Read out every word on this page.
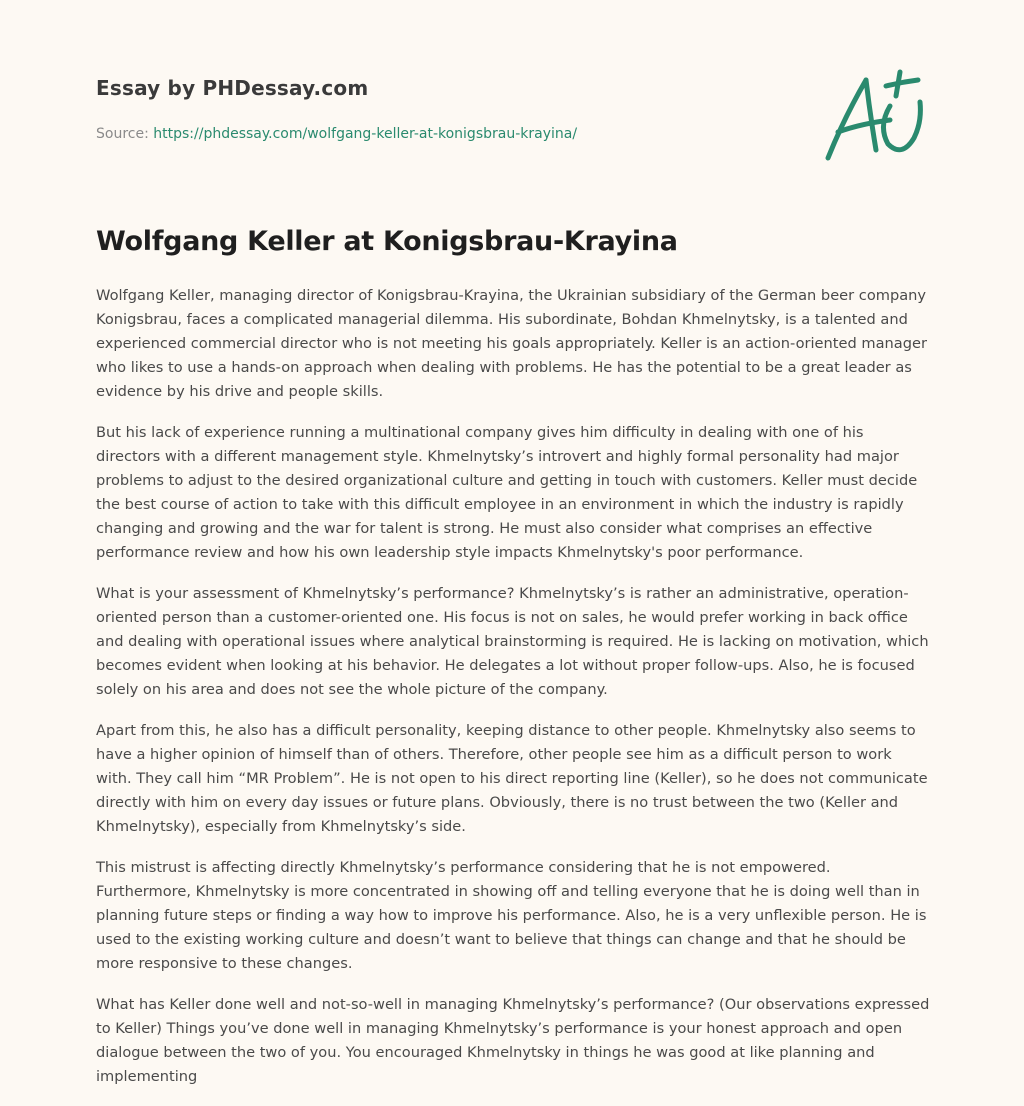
Essay by PHDessay.com
Source: https://phdessay.com/wolfgang-keller-at-konigsbrau-krayina/
Wolfgang Keller at Konigsbrau-Krayina

Wolfgang Keller, managing director of Konigsbrau-Krayina, the Ukrainian subsidiary of the German beer company Konigsbrau, faces a complicated managerial dilemma. His subordinate, Bohdan Khmelnytsky, is a talented and experienced commercial director who is not meeting his goals appropriately. Keller is an action-oriented manager who likes to use a hands-on approach when dealing with problems. He has the potential to be a great leader as evidence by his drive and people skills.

But his lack of experience running a multinational company gives him difficulty in dealing with one of his directors with a different management style. Khmelnytsky’s introvert and highly formal personality had major problems to adjust to the desired organizational culture and getting in touch with customers. Keller must decide the best course of action to take with this difficult employee in an environment in which the industry is rapidly changing and growing and the war for talent is strong. He must also consider what comprises an effective performance review and how his own leadership style impacts Khmelnytsky's poor performance.

What is your assessment of Khmelnytsky’s performance? Khmelnytsky’s is rather an administrative, operation-oriented person than a customer-oriented one. His focus is not on sales, he would prefer working in back office and dealing with operational issues where analytical brainstorming is required. He is lacking on motivation, which becomes evident when looking at his behavior. He delegates a lot without proper follow-ups. Also, he is focused solely on his area and does not see the whole picture of the company.

Apart from this, he also has a difficult personality, keeping distance to other people. Khmelnytsky also seems to have a higher opinion of himself than of others. Therefore, other people see him as a difficult person to work with. They call him “MR Problem”. He is not open to his direct reporting line (Keller), so he does not communicate directly with him on every day issues or future plans. Obviously, there is no trust between the two (Keller and Khmelnytsky), especially from Khmelnytsky’s side.

This mistrust is affecting directly Khmelnytsky’s performance considering that he is not empowered. Furthermore, Khmelnytsky is more concentrated in showing off and telling everyone that he is doing well than in planning future steps or finding a way how to improve his performance. Also, he is a very unflexible person. He is used to the existing working culture and doesn’t want to believe that things can change and that he should be more responsive to these changes.

What has Keller done well and not-so-well in managing Khmelnytsky’s performance? (Our observations expressed to Keller) Things you’ve done well in managing Khmelnytsky’s performance is your honest approach and open dialogue between the two of you. You encouraged Khmelnytsky in things he was good at like planning and implementing
